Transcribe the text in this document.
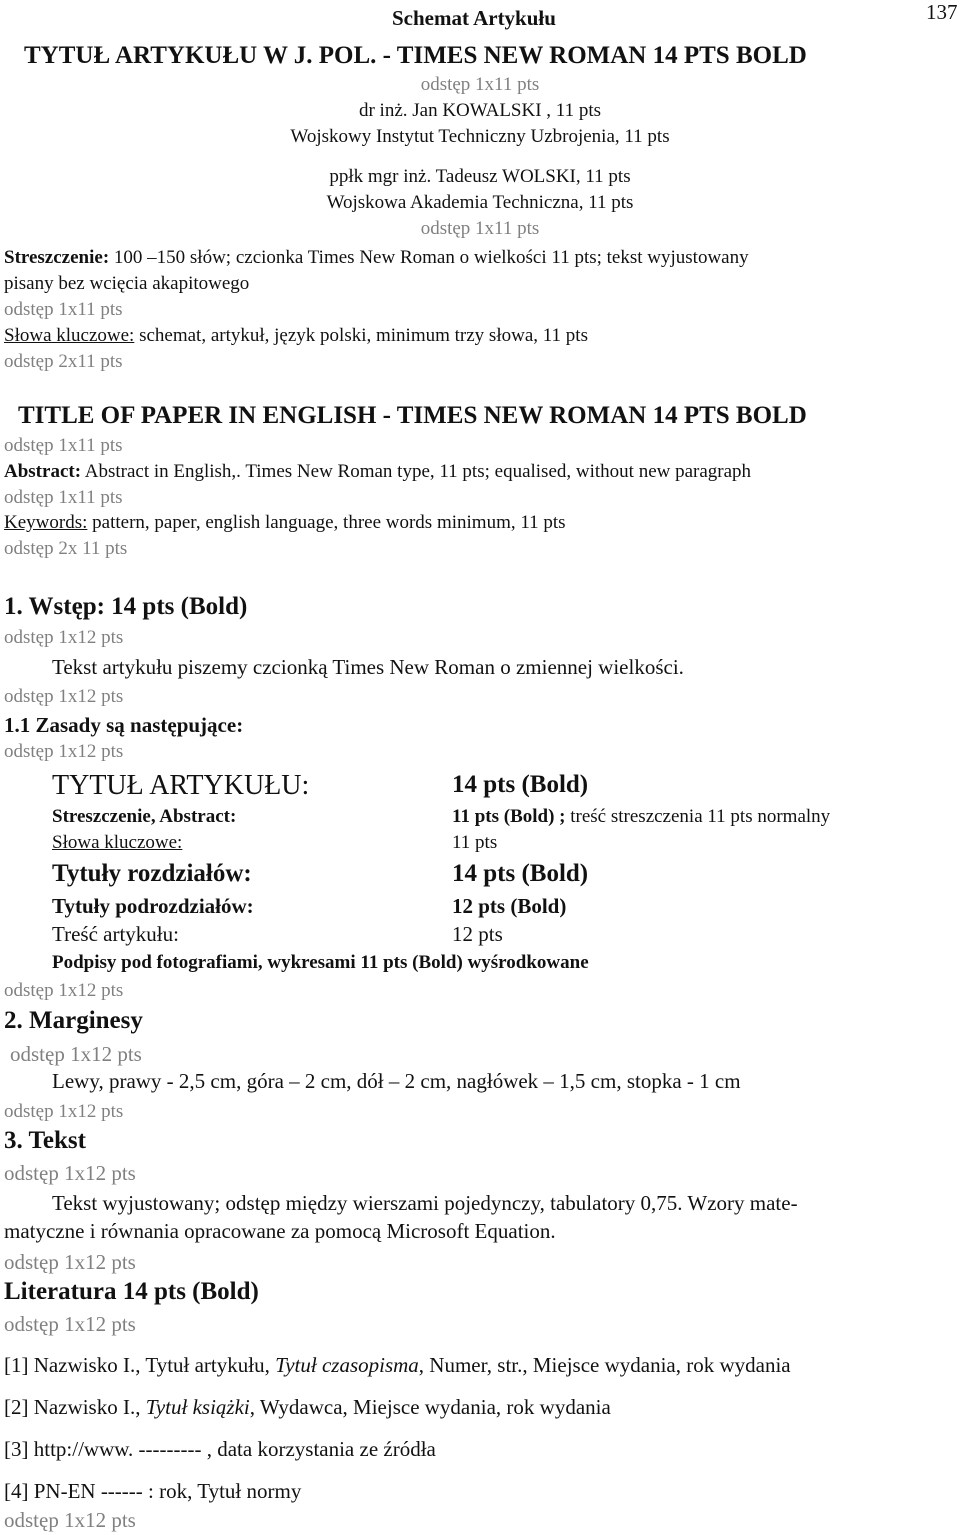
Schemat Artykułu	137
TYTUŁ ARTYKUŁU W J. POL. - TIMES NEW ROMAN 14 PTS BOLD
odstęp 1x11 pts
dr inż. Jan KOWALSKI , 11 pts
Wojskowy Instytut Techniczny Uzbrojenia, 11 pts
ppłk mgr inż. Tadeusz WOLSKI, 11 pts
Wojskowa Akademia Techniczna, 11 pts
odstęp 1x11 pts
Streszczenie: 100 –150 słów; czcionka Times New Roman o wielkości 11 pts; tekst wyjustowany
pisany bez wcięcia akapitowego
odstęp 1x11 pts
Słowa kluczowe: schemat, artykuł, język polski, minimum trzy słowa, 11 pts
odstęp 2x11 pts
TITLE OF PAPER IN ENGLISH - TIMES NEW ROMAN 14 PTS BOLD
odstęp 1x11 pts
Abstract: Abstract in English,. Times New Roman type, 11 pts; equalised, without new paragraph
odstęp 1x11 pts
Keywords: pattern, paper, english language, three words minimum, 11 pts
odstęp 2x 11 pts
1. Wstęp: 14 pts (Bold)
odstęp 1x12 pts
Tekst artykułu piszemy czcionką Times New Roman o zmiennej wielkości.
odstęp 1x12 pts
1.1 Zasady są następujące:
odstęp 1x12 pts
TYTUŁ ARTYKUŁU:	14 pts (Bold)
Streszczenie, Abstract:	11 pts (Bold) ; treść streszczenia 11 pts normalny
Słowa kluczowe:	11 pts
Tytuły rozdziałów:	14 pts (Bold)
Tytuły podrozdziałów:	12 pts (Bold)
Treść artykułu:	12 pts
Podpisy pod fotografiami, wykresami 11 pts (Bold) wyśrodkowane
odstęp 1x12 pts
2. Marginesy
odstęp 1x12 pts
Lewy, prawy - 2,5 cm, góra – 2 cm, dół – 2 cm, nagłówek – 1,5 cm, stopka - 1 cm
odstęp 1x12 pts
3. Tekst
odstęp 1x12 pts
Tekst wyjustowany; odstęp między wierszami pojedynczy, tabulatory 0,75. Wzory mate-
matyczne i równania opracowane za pomocą Microsoft Equation.
odstęp 1x12 pts
Literatura 14 pts (Bold)
odstęp 1x12 pts
[1] Nazwisko I., Tytuł artykułu, Tytuł czasopisma, Numer, str., Miejsce wydania, rok wydania
[2] Nazwisko I., Tytuł książki, Wydawca, Miejsce wydania, rok wydania
[3] http://www. --------- , data korzystania ze źródła
[4] PN-EN ------ : rok, Tytuł normy
odstęp 1x12 pts
